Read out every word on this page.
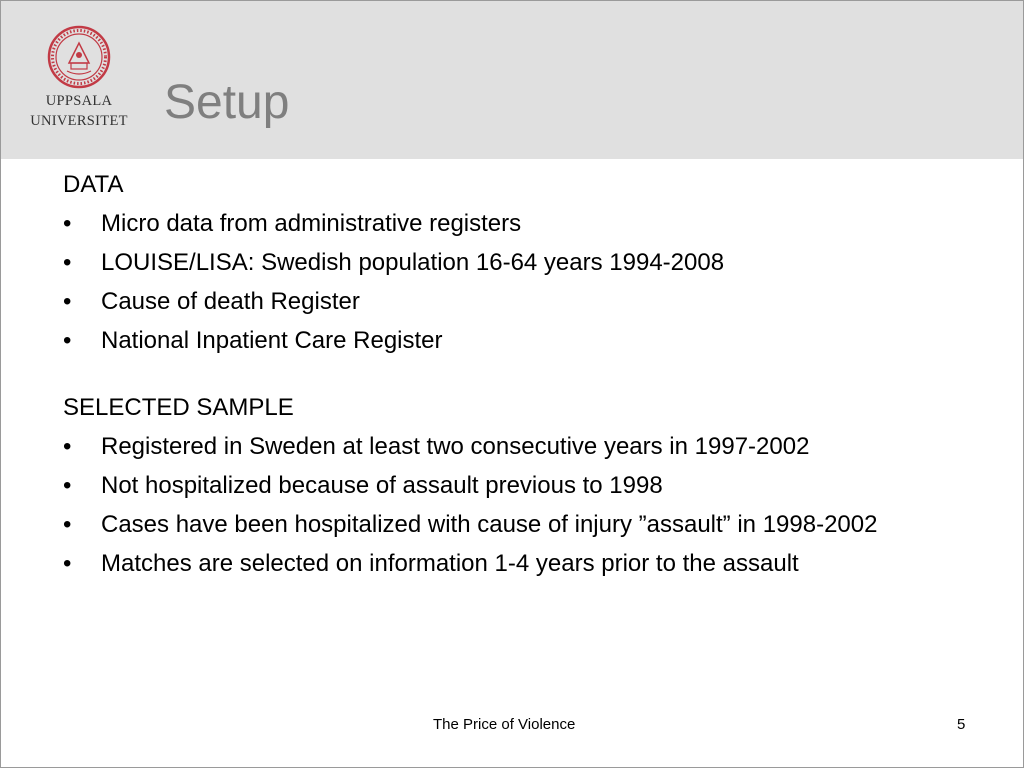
UPPSALA
UNIVERSITET Setup

DATA

•	Micro data from administrative registers
•	LOUISE/LISA: Swedish population 16-64 years 1994-2008
•	Cause of death Register
•	National Inpatient Care Register

SELECTED SAMPLE

•	Registered in Sweden at least two consecutive years in 1997-2002
•	Not hospitalized because of assault previous to 1998
•	Cases have been hospitalized with cause of injury ”assault” in 1998-2002
•	Matches are selected on information 1-4 years prior to the assault
The Price of Violence	5
